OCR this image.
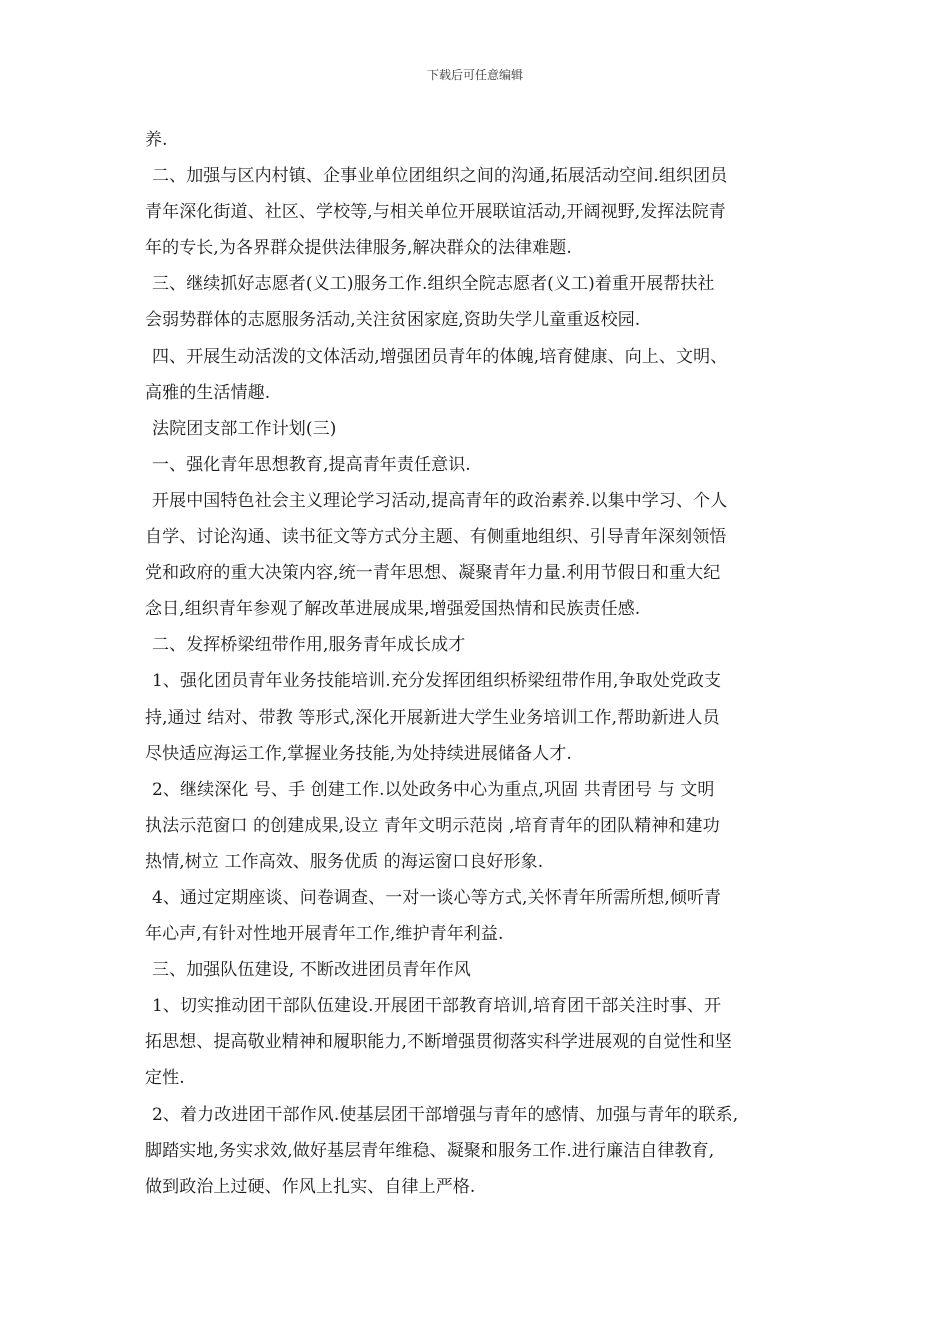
下载后可任意编辑
养.
二、加强与区内村镇、企事业单位团组织之间的沟通,拓展活动空间.组织团员
青年深化街道、社区、学校等,与相关单位开展联谊活动,开阔视野,发挥法院青
年的专长,为各界群众提供法律服务,解决群众的法律难题.
三、继续抓好志愿者(义工)服务工作.组织全院志愿者(义工)着重开展帮扶社
会弱势群体的志愿服务活动,关注贫困家庭,资助失学儿童重返校园.
四、开展生动活泼的文体活动,增强团员青年的体魄,培育健康、向上、文明、
高雅的生活情趣.
法院团支部工作计划(三)
一、强化青年思想教育,提高青年责任意识.
开展中国特色社会主义理论学习活动,提高青年的政治素养.以集中学习、个人
自学、讨论沟通、读书征文等方式分主题、有侧重地组织、引导青年深刻领悟
党和政府的重大决策内容,统一青年思想、凝聚青年力量.利用节假日和重大纪
念日,组织青年参观了解改革进展成果,增强爱国热情和民族责任感.
二、发挥桥梁纽带作用,服务青年成长成才
1、强化团员青年业务技能培训.充分发挥团组织桥梁纽带作用,争取处党政支
持,通过 结对、带教 等形式,深化开展新进大学生业务培训工作,帮助新进人员
尽快适应海运工作,掌握业务技能,为处持续进展储备人才.
2、继续深化 号、手 创建工作.以处政务中心为重点,巩固 共青团号 与 文明
执法示范窗口 的创建成果,设立 青年文明示范岗 ,培育青年的团队精神和建功
热情,树立 工作高效、服务优质 的海运窗口良好形象.
4、通过定期座谈、问卷调查、一对一谈心等方式,关怀青年所需所想,倾听青
年心声,有针对性地开展青年工作,维护青年利益.
三、加强队伍建设, 不断改进团员青年作风
1、切实推动团干部队伍建设.开展团干部教育培训,培育团干部关注时事、开
拓思想、提高敬业精神和履职能力,不断增强贯彻落实科学进展观的自觉性和坚
定性.
2、着力改进团干部作风.使基层团干部增强与青年的感情、加强与青年的联系,
脚踏实地,务实求效,做好基层青年维稳、凝聚和服务工作.进行廉洁自律教育,
做到政治上过硬、作风上扎实、自律上严格.
